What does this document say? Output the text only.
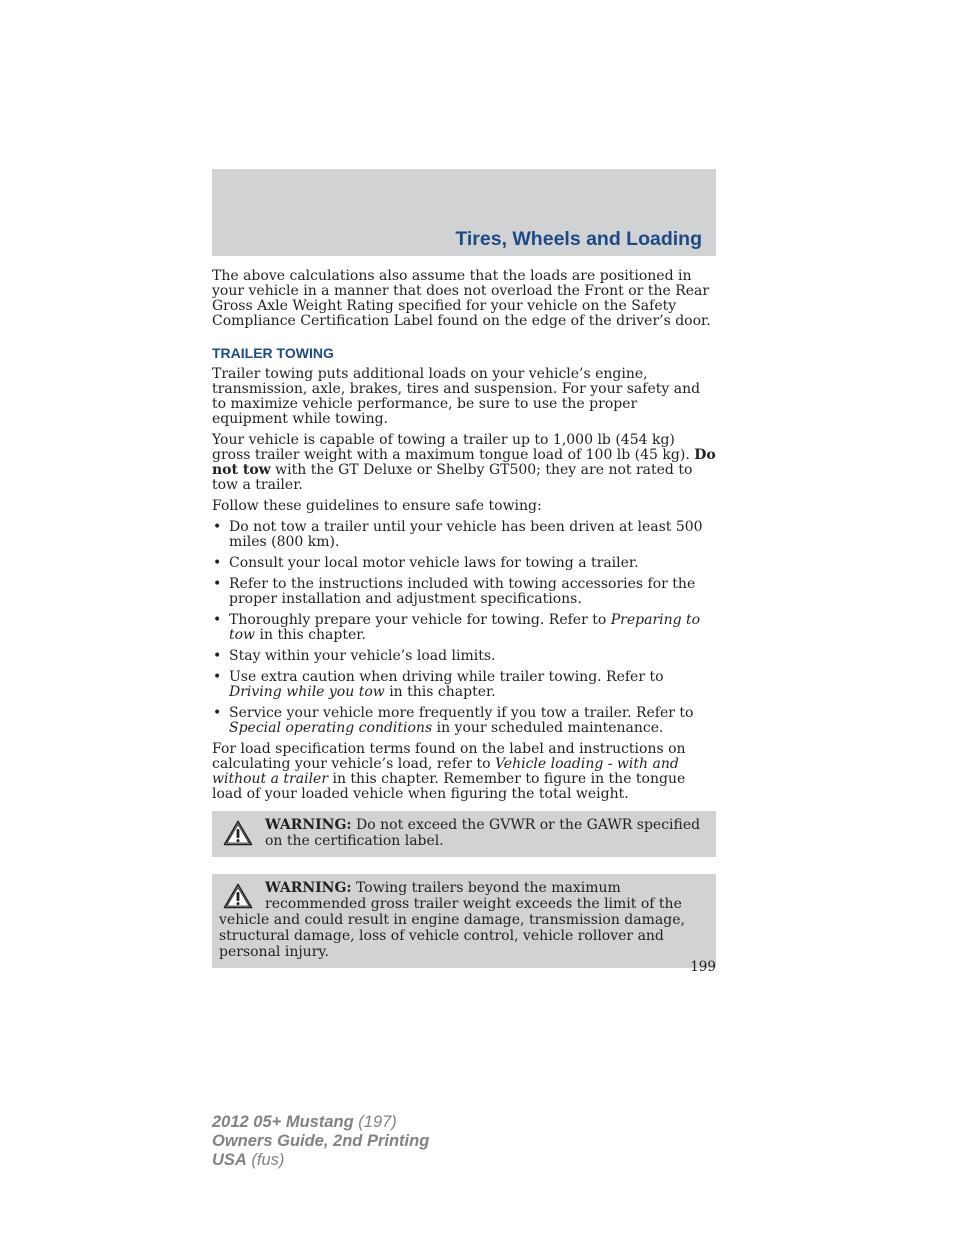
Tires, Wheels and Loading

The above calculations also assume that the loads are positioned in your vehicle in a manner that does not overload the Front or the Rear Gross Axle Weight Rating specified for your vehicle on the Safety Compliance Certification Label found on the edge of the driver’s door.

TRAILER TOWING

Trailer towing puts additional loads on your vehicle’s engine, transmission, axle, brakes, tires and suspension. For your safety and to maximize vehicle performance, be sure to use the proper equipment while towing.

Your vehicle is capable of towing a trailer up to 1,000 lb (454 kg) gross trailer weight with a maximum tongue load of 100 lb (45 kg). Do not tow with the GT Deluxe or Shelby GT500; they are not rated to tow a trailer.

Follow these guidelines to ensure safe towing:

• Do not tow a trailer until your vehicle has been driven at least 500 miles (800 km).
• Consult your local motor vehicle laws for towing a trailer.
• Refer to the instructions included with towing accessories for the proper installation and adjustment specifications.
• Thoroughly prepare your vehicle for towing. Refer to Preparing to tow in this chapter.
• Stay within your vehicle’s load limits.
• Use extra caution when driving while trailer towing. Refer to Driving while you tow in this chapter.
• Service your vehicle more frequently if you tow a trailer. Refer to Special operating conditions in your scheduled maintenance.

For load specification terms found on the label and instructions on calculating your vehicle’s load, refer to Vehicle loading - with and without a trailer in this chapter. Remember to figure in the tongue load of your loaded vehicle when figuring the total weight.

WARNING: Do not exceed the GVWR or the GAWR specified on the certification label.
WARNING: Towing trailers beyond the maximum recommended gross trailer weight exceeds the limit of the vehicle and could result in engine damage, transmission damage, structural damage, loss of vehicle control, vehicle rollover and personal injury.
199
2012 05+ Mustang (197)
Owners Guide, 2nd Printing
USA (fus)
